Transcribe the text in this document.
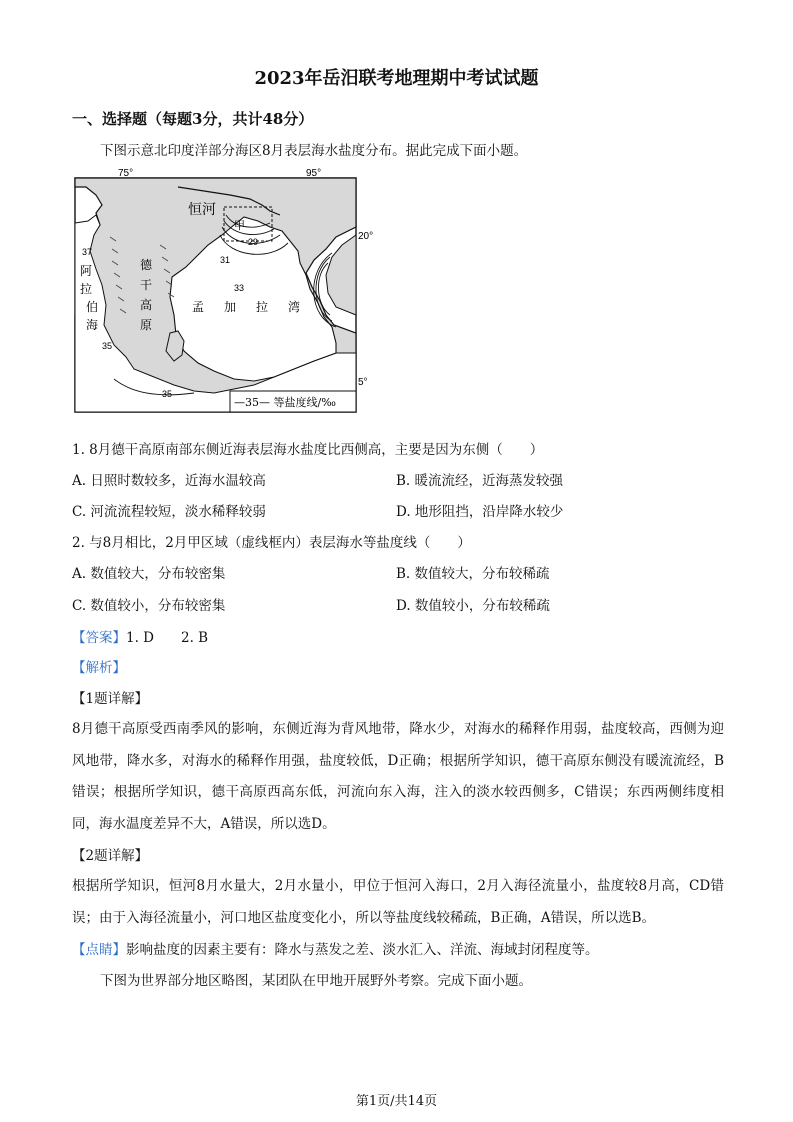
2023年岳汨联考地理期中考试试题
一、选择题（每题3分，共计48分）
下图示意北印度洋部分海区8月表层海水盐度分布。据此完成下面小题。
75°	95°
20°
5°
恒河
甲
德
干
高
原
阿
拉
伯
海
孟 加 拉 湾
37
35
35
31
29
33
—35— 等盐度线/‰
1. 8月德干高原南部东侧近海表层海水盐度比西侧高，主要是因为东侧（　　）
A. 日照时数较多，近海水温较高	B. 暖流流经，近海蒸发较强
C. 河流流程较短，淡水稀释较弱	D. 地形阻挡，沿岸降水较少
2. 与8月相比，2月甲区域（虚线框内）表层海水等盐度线（　　）
A. 数值较大，分布较密集	B. 数值较大，分布较稀疏
C. 数值较小，分布较密集	D. 数值较小，分布较稀疏
【答案】1. D　　2. B
【解析】
【1题详解】
8月德干高原受西南季风的影响，东侧近海为背风地带，降水少，对海水的稀释作用弱，盐度较高，西侧为迎风地带，降水多，对海水的稀释作用强，盐度较低，D正确；根据所学知识，德干高原东侧没有暖流流经，B错误；根据所学知识，德干高原西高东低，河流向东入海，注入的淡水较西侧多，C错误；东西两侧纬度相同，海水温度差异不大，A错误，所以选D。
【2题详解】
根据所学知识，恒河8月水量大，2月水量小，甲位于恒河入海口，2月入海径流量小，盐度较8月高，CD错误；由于入海径流量小，河口地区盐度变化小，所以等盐度线较稀疏，B正确，A错误，所以选B。
【点睛】影响盐度的因素主要有：降水与蒸发之差、淡水汇入、洋流、海域封闭程度等。
下图为世界部分地区略图，某团队在甲地开展野外考察。完成下面小题。
第1页/共14页
